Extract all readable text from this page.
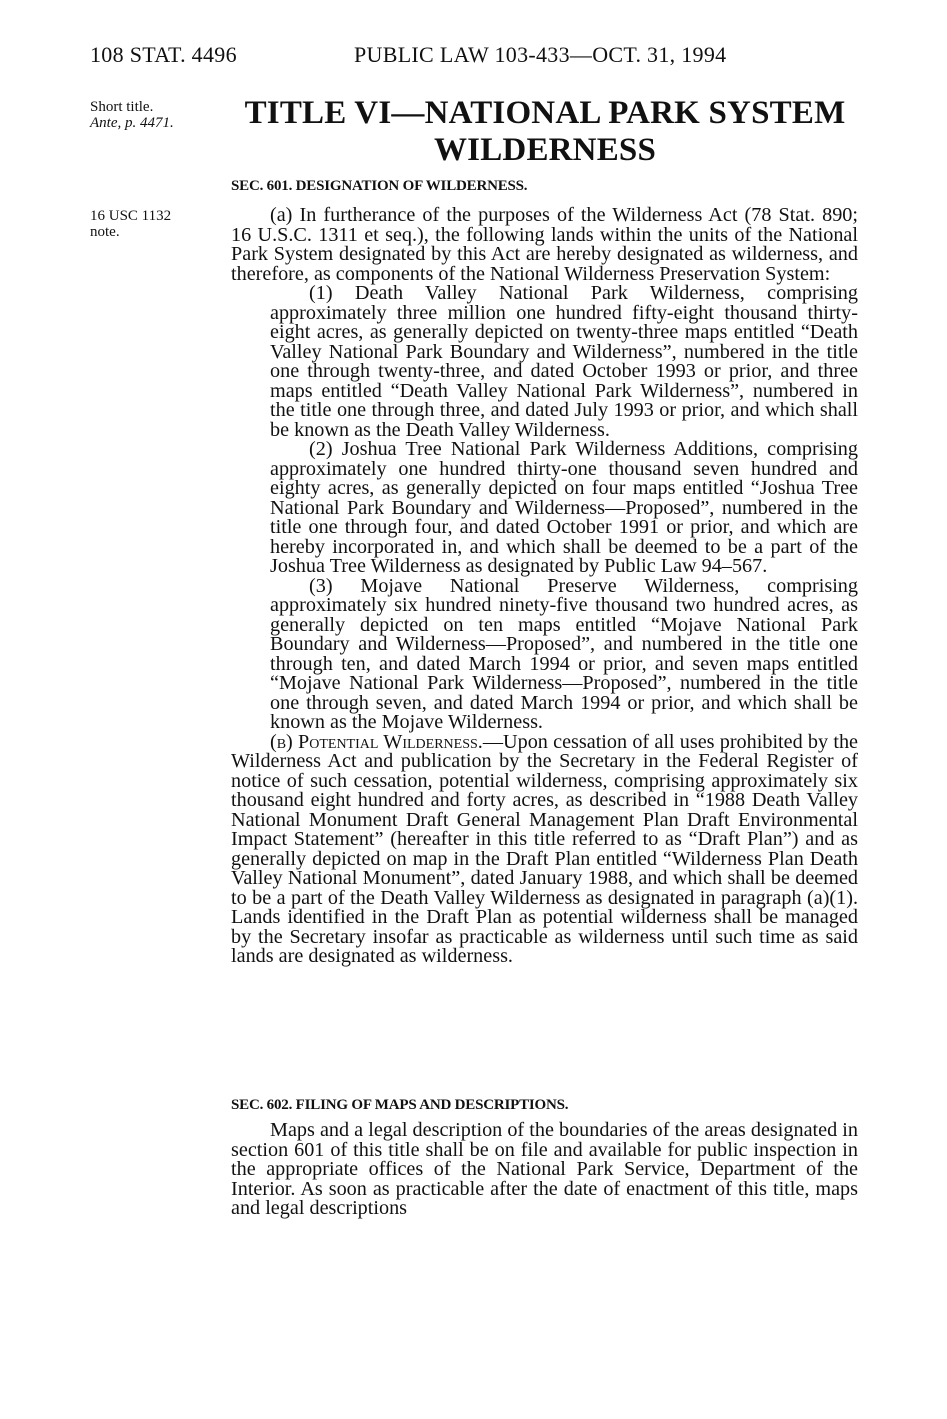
108 STAT. 4496	PUBLIC LAW 103-433—OCT. 31, 1994
Short title.
Ante, p. 4471.
16 USC 1132
note.
TITLE VI—NATIONAL PARK SYSTEM
WILDERNESS
SEC. 601. DESIGNATION OF WILDERNESS.

(a) In furtherance of the purposes of the Wilderness Act (78 Stat. 890; 16 U.S.C. 1311 et seq.), the following lands within the units of the National Park System designated by this Act are hereby designated as wilderness, and therefore, as components of the National Wilderness Preservation System:

(1) Death Valley National Park Wilderness, comprising approximately three million one hundred fifty-eight thousand thirty-eight acres, as generally depicted on twenty-three maps entitled “Death Valley National Park Boundary and Wilderness”, numbered in the title one through twenty-three, and dated October 1993 or prior, and three maps entitled “Death Valley National Park Wilderness”, numbered in the title one through three, and dated July 1993 or prior, and which shall be known as the Death Valley Wilderness.

(2) Joshua Tree National Park Wilderness Additions, comprising approximately one hundred thirty-one thousand seven hundred and eighty acres, as generally depicted on four maps entitled “Joshua Tree National Park Boundary and Wilderness—Proposed”, numbered in the title one through four, and dated October 1991 or prior, and which are hereby incorporated in, and which shall be deemed to be a part of the Joshua Tree Wilderness as designated by Public Law 94–567.

(3) Mojave National Preserve Wilderness, comprising approximately six hundred ninety-five thousand two hundred acres, as generally depicted on ten maps entitled “Mojave National Park Boundary and Wilderness—Proposed”, and numbered in the title one through ten, and dated March 1994 or prior, and seven maps entitled “Mojave National Park Wilderness—Proposed”, numbered in the title one through seven, and dated March 1994 or prior, and which shall be known as the Mojave Wilderness.

(b) Potential Wilderness.—Upon cessation of all uses prohibited by the Wilderness Act and publication by the Secretary in the Federal Register of notice of such cessation, potential wilderness, comprising approximately six thousand eight hundred and forty acres, as described in “1988 Death Valley National Monument Draft General Management Plan Draft Environmental Impact Statement” (hereafter in this title referred to as “Draft Plan”) and as generally depicted on map in the Draft Plan entitled “Wilderness Plan Death Valley National Monument”, dated January 1988, and which shall be deemed to be a part of the Death Valley Wilderness as designated in paragraph (a)(1). Lands identified in the Draft Plan as potential wilderness shall be managed by the Secretary insofar as practicable as wilderness until such time as said lands are designated as wilderness.

SEC. 602. FILING OF MAPS AND DESCRIPTIONS.

Maps and a legal description of the boundaries of the areas designated in section 601 of this title shall be on file and available for public inspection in the appropriate offices of the National Park Service, Department of the Interior. As soon as practicable after the date of enactment of this title, maps and legal descriptions
